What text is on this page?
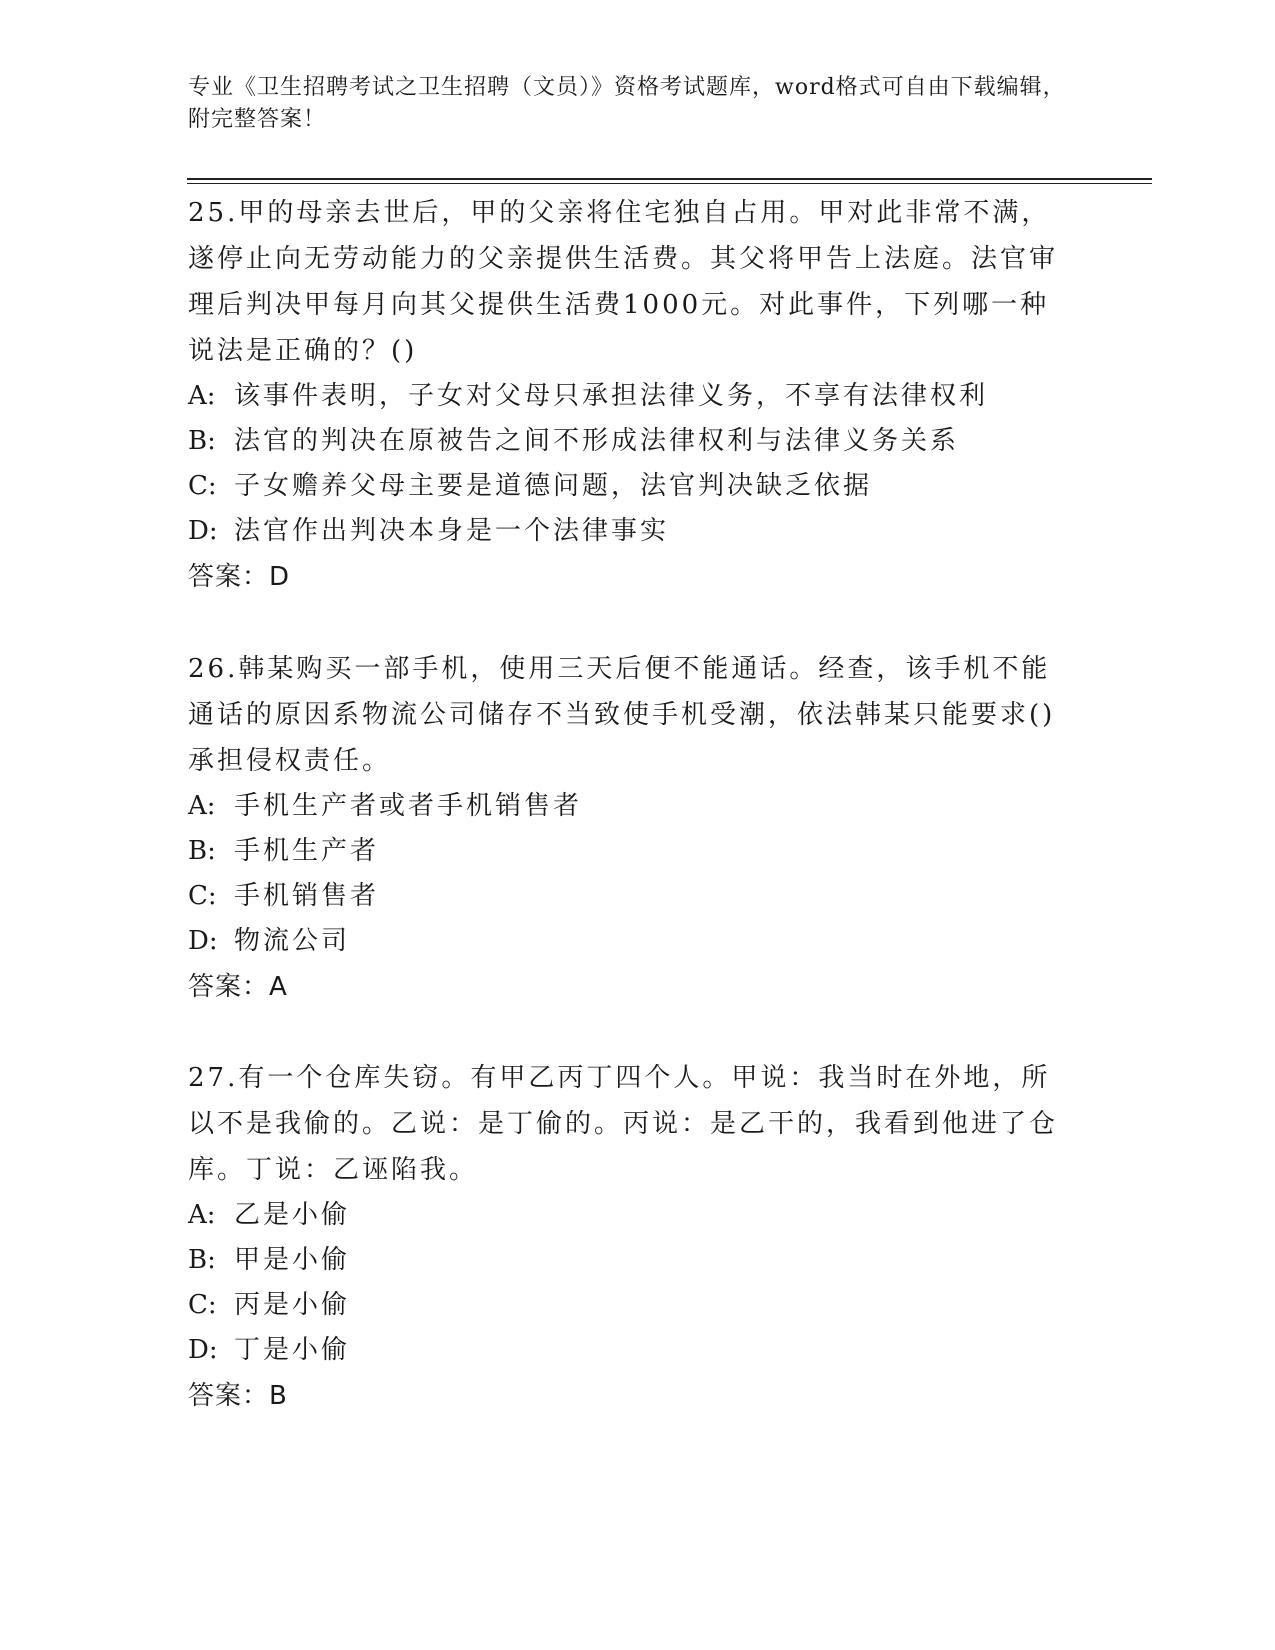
专业《卫生招聘考试之卫生招聘（文员）》资格考试题库，word格式可自由下载编辑，附完整答案！

25.甲的母亲去世后，甲的父亲将住宅独自占用。甲对此非常不满，遂停止向无劳动能力的父亲提供生活费。其父将甲告上法庭。法官审理后判决甲每月向其父提供生活费1000元。对此事件，下列哪一种说法是正确的？()

A: 该事件表明，子女对父母只承担法律义务，不享有法律权利

B: 法官的判决在原被告之间不形成法律权利与法律义务关系

C: 子女赡养父母主要是道德问题，法官判决缺乏依据

D: 法官作出判决本身是一个法律事实

答案：D

26.韩某购买一部手机，使用三天后便不能通话。经查，该手机不能通话的原因系物流公司储存不当致使手机受潮，依法韩某只能要求()承担侵权责任。

A: 手机生产者或者手机销售者

B: 手机生产者

C: 手机销售者

D: 物流公司

答案：A

27.有一个仓库失窃。有甲乙丙丁四个人。甲说：我当时在外地，所以不是我偷的。乙说：是丁偷的。丙说：是乙干的，我看到他进了仓库。丁说：乙诬陷我。

A: 乙是小偷

B: 甲是小偷

C: 丙是小偷

D: 丁是小偷

答案：B
